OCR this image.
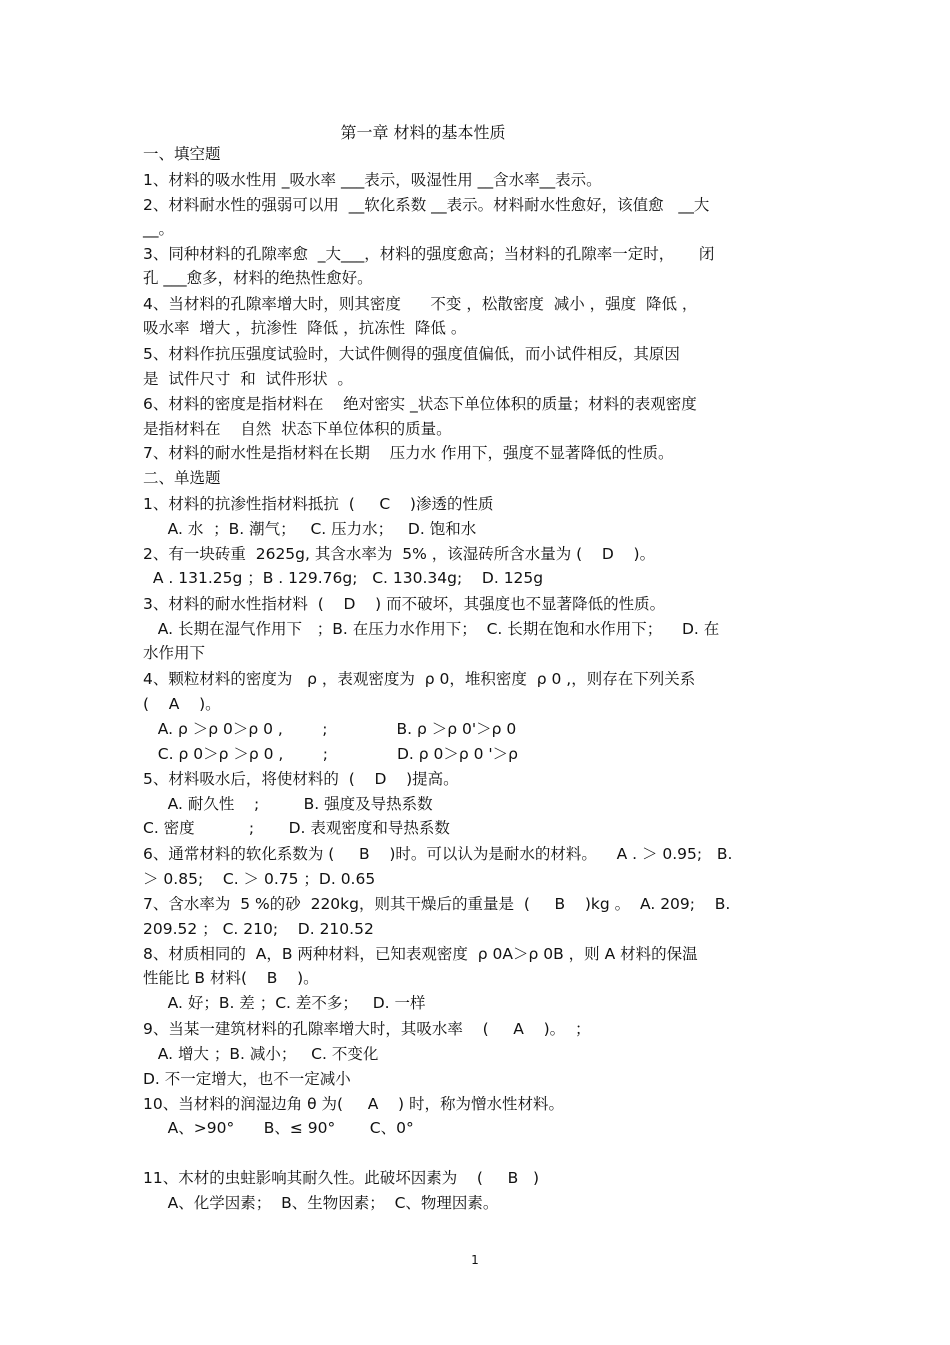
第一章 材料的基本性质
一、填空题
1、材料的吸水性用 _吸水率 ___表示，吸湿性用 __含水率__表示。
2、材料耐水性的强弱可以用  __软化系数 __表示。材料耐水性愈好，该值愈   __大
__。
3、同种材料的孔隙率愈  _大___，材料的强度愈高；当材料的孔隙率一定时，     闭
孔 ___愈多，材料的绝热性愈好。
4、当材料的孔隙率增大时，则其密度      不变 ，松散密度  减小 ，强度  降低 ，
吸水率  增大 ，抗渗性  降低 ，抗冻性  降低 。
5、材料作抗压强度试验时，大试件侧得的强度值偏低，而小试件相反，其原因
是  试件尺寸  和  试件形状  。
6、材料的密度是指材料在    绝对密实 _状态下单位体积的质量；材料的表观密度
是指材料在    自然  状态下单位体积的质量。
7、材料的耐水性是指材料在长期    压力水 作用下，强度不显著降低的性质。
二、单选题
1、材料的抗渗性指材料抵抗  (     C    )渗透的性质
A. 水  ；B. 潮气；   C. 压力水；   D. 饱和水
2、有一块砖重  2625g, 其含水率为  5% ，该湿砖所含水量为 (    D    )。
A . 131.25g ；B . 129.76g;   C. 130.34g;    D. 125g
3、材料的耐水性指材料  (    D    ) 而不破坏，其强度也不显著降低的性质。
A. 长期在湿气作用下   ；B. 在压力水作用下；  C. 长期在饱和水作用下；    D. 在
水作用下
4、颗粒材料的密度为   ρ ，表观密度为  ρ 0，堆积密度  ρ 0 ,，则存在下列关系
(    A    )。
A. ρ ＞ρ 0＞ρ 0 ,        ;              B. ρ ＞ρ 0'＞ρ 0
C. ρ 0＞ρ ＞ρ 0 ,        ;              D. ρ 0＞ρ 0 '＞ρ
5、材料吸水后，将使材料的  (    D    )提高。
A. 耐久性    ;         B. 强度及导热系数
C. 密度           ;       D. 表观密度和导热系数
6、通常材料的软化系数为 (     B    )时。可以认为是耐水的材料。    A . ＞ 0.95;   B.
＞ 0.85;    C. ＞ 0.75 ；D. 0.65
7、含水率为  5 %的砂  220kg，则其干燥后的重量是  (     B    )kg 。  A. 209;    B.
209.52 ； C. 210;    D. 210.52
8、材质相同的  A，B 两种材料，已知表观密度  ρ 0A＞ρ 0B ，则 A 材料的保温
性能比 B 材料(    B    )。
A. 好；B. 差 ；C. 差不多；   D. 一样
9、当某一建筑材料的孔隙率增大时，其吸水率    (     A    )。  ；
A. 增大 ；B. 减小；   C. 不变化
D. 不一定增大，也不一定减小
10、当材料的润湿边角 θ 为(     A    ) 时，称为憎水性材料。
A、>90°      B、≤ 90°       C、0°
11、木材的虫蛀影响其耐久性。此破坏因素为    (     B   )
A、化学因素；  B、生物因素；  C、物理因素。
1
